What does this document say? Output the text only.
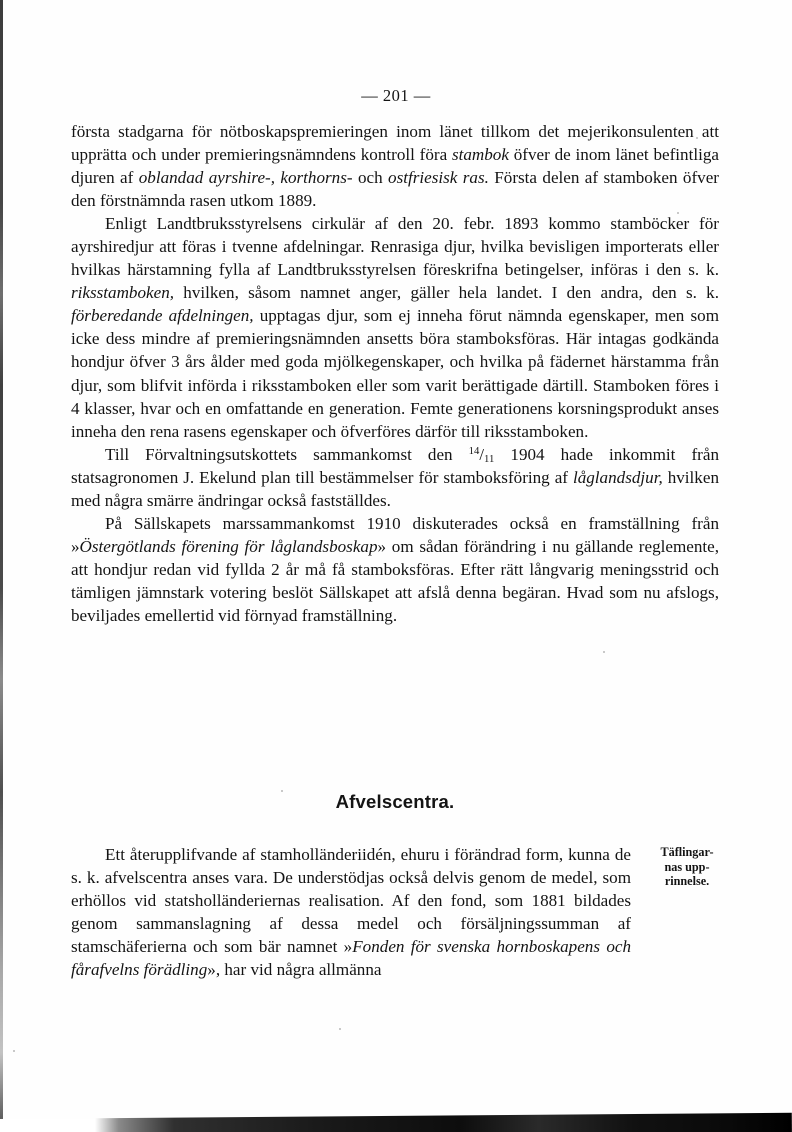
— 201 —

första stadgarna för nötboskapspremieringen inom länet tillkom det mejerikonsulenten att upprätta och under premieringsnämndens kontroll föra stambok öfver de inom länet befintliga djuren af oblandad ayrshire-, korthorns- och ostfriesisk ras. Första delen af stamboken öfver den förstnämnda rasen utkom 1889.

Enligt Landtbruksstyrelsens cirkulär af den 20. febr. 1893 kommo stamböcker för ayrshiredjur att föras i tvenne afdelningar. Renrasiga djur, hvilka bevisligen importerats eller hvilkas härstamning fylla af Landtbruksstyrelsen föreskrifna betingelser, införas i den s. k. riksstamboken, hvilken, såsom namnet anger, gäller hela landet. I den andra, den s. k. förberedande afdelningen, upptagas djur, som ej inneha förut nämnda egenskaper, men som icke dess mindre af premieringsnämnden ansetts böra stamboksföras. Här intagas godkända hondjur öfver 3 års ålder med goda mjölkegenskaper, och hvilka på fädernet härstamma från djur, som blifvit införda i riksstamboken eller som varit berättigade därtill. Stamboken föres i 4 klasser, hvar och en omfattande en generation. Femte generationens korsningsprodukt anses inneha den rena rasens egenskaper och öfverföres därför till riksstamboken.

Till Förvaltningsutskottets sammankomst den $^{14}/_{11}$ 1904 hade inkommit från statsagronomen J. Ekelund plan till bestämmelser för stamboksföring af låglandsdjur, hvilken med några smärre ändringar också fastställdes.

På Sällskapets marssammankomst 1910 diskuterades också en framställning från »Östergötlands förening för låglandsboskap» om sådan förändring i nu gällande reglemente, att hondjur redan vid fyllda 2 år må få stamboksföras. Efter rätt långvarig meningsstrid och tämligen jämnstark votering beslöt Sällskapet att afslå denna begäran. Hvad som nu afslogs, beviljades emellertid vid förnyad framställning.

Afvelscentra.

Ett återupplifvande af stamholländeriidén, ehuru i förändrad form, kunna de s. k. afvelscentra anses vara. De understödjas också delvis genom de medel, som erhöllos vid statsholländeriernas realisation. Af den fond, som 1881 bildades genom sammanslagning af dessa medel och försäljningssumman af stamschäferierna och som bär namnet »Fonden för svenska hornboskapens och fårafvelns förädling», har vid några allmänna

Täflingar-
nas upp-
rinnelse.
